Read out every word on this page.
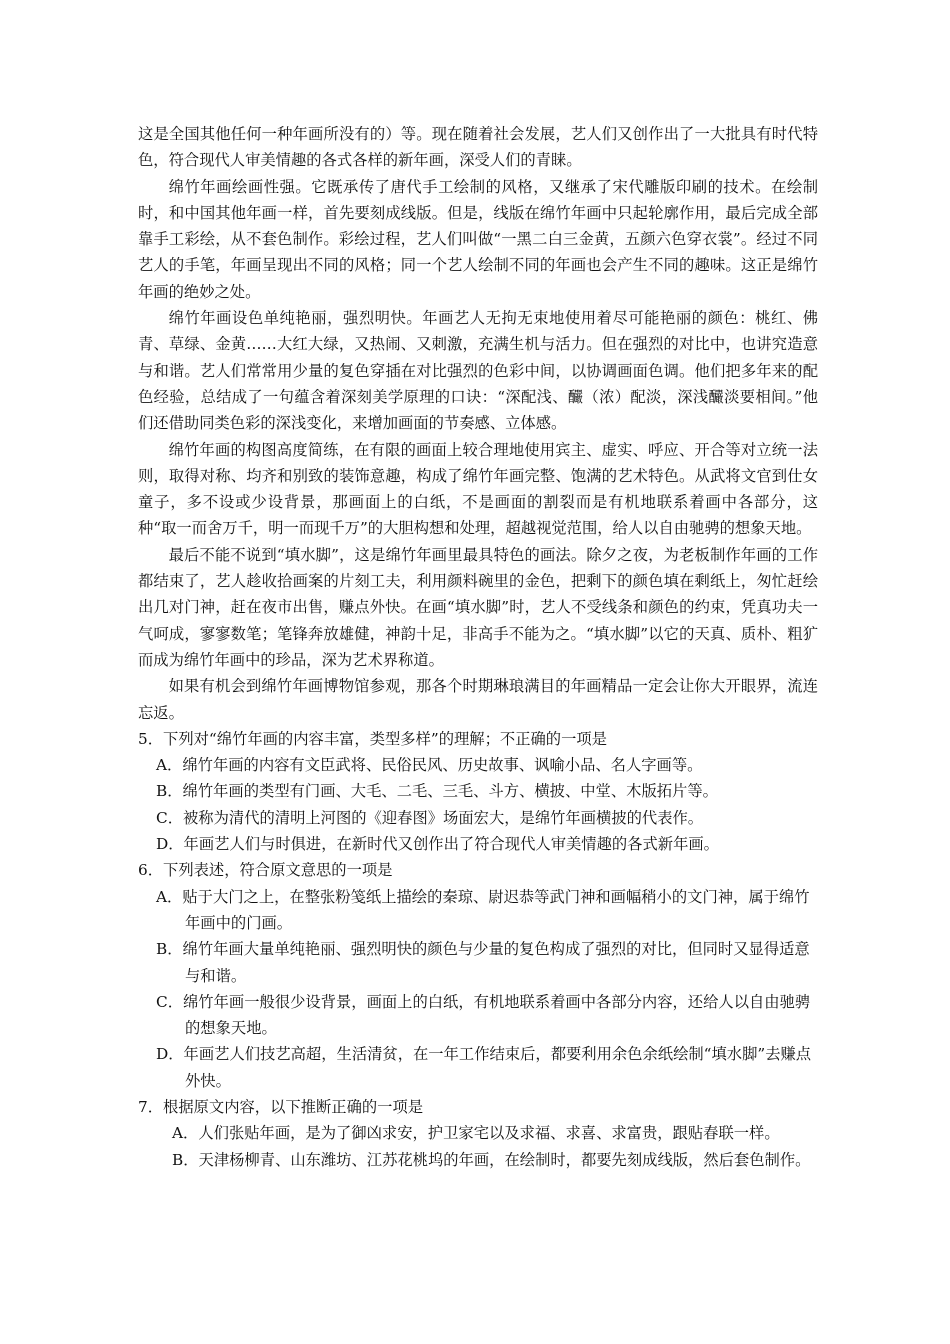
这是全国其他任何一种年画所没有的）等。现在随着社会发展，艺人们又创作出了一大批具有时代特色，符合现代人审美情趣的各式各样的新年画，深受人们的青睐。

绵竹年画绘画性强。它既承传了唐代手工绘制的风格，又继承了宋代雕版印刷的技术。在绘制时，和中国其他年画一样，首先要刻成线版。但是，线版在绵竹年画中只起轮廓作用，最后完成全部靠手工彩绘，从不套色制作。彩绘过程，艺人们叫做“一黑二白三金黄，五颜六色穿衣裳”。经过不同艺人的手笔，年画呈现出不同的风格；同一个艺人绘制不同的年画也会产生不同的趣味。这正是绵竹年画的绝妙之处。

绵竹年画设色单纯艳丽，强烈明快。年画艺人无拘无束地使用着尽可能艳丽的颜色：桃红、佛青、草绿、金黄……大红大绿，又热闹、又刺激，充满生机与活力。但在强烈的对比中，也讲究造意与和谐。艺人们常常用少量的复色穿插在对比强烈的色彩中间，以协调画面色调。他们把多年来的配色经验，总结成了一句蕴含着深刻美学原理的口诀：“深配浅、釅（浓）配淡，深浅釅淡要相间。”他们还借助同类色彩的深浅变化，来增加画面的节奏感、立体感。

绵竹年画的构图高度简练，在有限的画面上较合理地使用宾主、虚实、呼应、开合等对立统一法则，取得对称、均齐和别致的装饰意趣，构成了绵竹年画完整、饱满的艺术特色。从武将文官到仕女童子，多不设或少设背景，那画面上的白纸，不是画面的割裂而是有机地联系着画中各部分，这种“取一而舍万千，明一而现千万”的大胆构想和处理，超越视觉范围，给人以自由驰骋的想象天地。

最后不能不说到“填水脚”，这是绵竹年画里最具特色的画法。除夕之夜，为老板制作年画的工作都结束了，艺人趁收拾画案的片刻工夫，利用颜料碗里的金色，把剩下的颜色填在剩纸上，匆忙赶绘出几对门神，赶在夜市出售，赚点外快。在画“填水脚”时，艺人不受线条和颜色的约束，凭真功夫一气呵成，寥寥数笔；笔锋奔放雄健，神韵十足，非高手不能为之。“填水脚”以它的天真、质朴、粗犷而成为绵竹年画中的珍品，深为艺术界称道。

如果有机会到绵竹年画博物馆参观，那各个时期琳琅满目的年画精品一定会让你大开眼界，流连忘返。

5．下列对“绵竹年画的内容丰富，类型多样”的理解；不正确的一项是

A．绵竹年画的内容有文臣武将、民俗民风、历史故事、讽喻小品、名人字画等。

B．绵竹年画的类型有门画、大毛、二毛、三毛、斗方、横披、中堂、木版拓片等。

C．被称为清代的清明上河图的《迎春图》场面宏大，是绵竹年画横披的代表作。

D．年画艺人们与时俱进，在新时代又创作出了符合现代人审美情趣的各式新年画。

6．下列表述，符合原文意思的一项是

A．贴于大门之上，在整张粉笺纸上描绘的秦琼、尉迟恭等武门神和画幅稍小的文门神，属于绵竹年画中的门画。

B．绵竹年画大量单纯艳丽、强烈明快的颜色与少量的复色构成了强烈的对比，但同时又显得适意与和谐。

C．绵竹年画一般很少设背景，画面上的白纸，有机地联系着画中各部分内容，还给人以自由驰骋的想象天地。

D．年画艺人们技艺高超，生活清贫，在一年工作结束后，都要利用余色余纸绘制“填水脚”去赚点外快。

7．根据原文内容，以下推断正确的一项是

A．人们张贴年画，是为了御凶求安，护卫家宅以及求福、求喜、求富贵，跟贴春联一样。

B．天津杨柳青、山东潍坊、江苏花桃坞的年画，在绘制时，都要先刻成线版，然后套色制作。
